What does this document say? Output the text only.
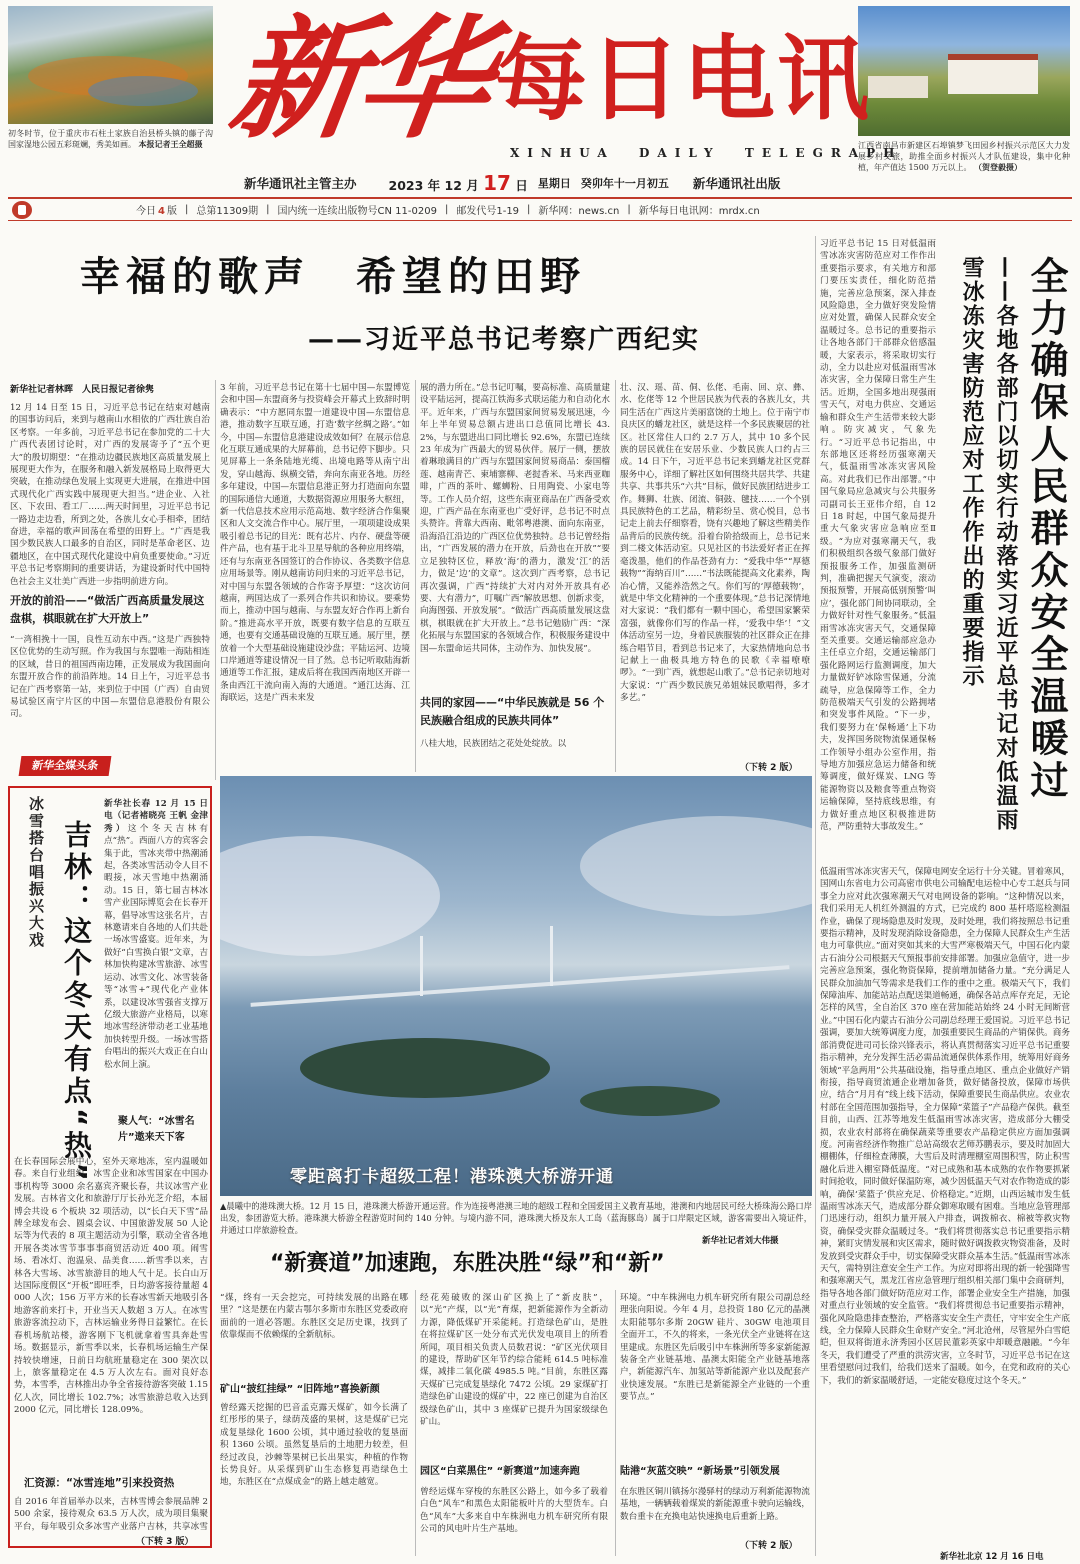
初冬时节，位于重庆市石柱土家族自治县桥头镇的藤子沟国家湿地公园五彩斑斓，秀美如画。 本报记者王全超摄	江西省南昌市新建区石埠镇梦飞田园乡村振兴示范区大力发展乡村文旅，助推全面乡村振兴人才队伍建设，集中化种植，年产值达 1500 万元以上。 （贺登毅摄）
新华 每日电讯
XINHUA  DAILY  TELEGRAPH
新华通讯社主管主办	2023 年 12 月 17 日 星期日 癸卯年十一月初五 新华通讯社出版
今日 4 版 | 总第11309期 | 国内统一连续出版物号CN 11-0209 | 邮发代号1-19 | 新华网：news.cn | 新华每日电讯网：mrdx.cn
幸福的歌声　希望的田野
——习近平总书记考察广西纪实
新华社记者林晖　人民日报记者徐隽
12 月 14 日至 15 日，习近平总书记在结束对越南的国事访问后，来到与越南山水相依的广西壮族自治区考察。一年多前，习近平总书记在参加党的二十大广西代表团讨论时，对广西的发展寄予了“五个更大”的殷切期望：“在推动边疆民族地区高质量发展上展现更大作为，在服务和融入新发展格局上取得更大突破，在推动绿色发展上实现更大进展，在推进中国式现代化广西实践中展现更大担当。”进企业、入社区、下农田、看工厂……两天时间里，习近平总书记一路边走边看，所到之处，各族儿女心手相牵，团结奋进，幸福的歌声回荡在希望的田野上。“广西是我国少数民族人口最多的自治区，同时是革命老区、边疆地区，在中国式现代化建设中肩负重要使命。”习近平总书记考察期间的重要讲话，为建设新时代中国特色社会主义壮美广西进一步指明前进方向。
开放的前沿——“做活广西高质量发展这盘棋，棋眼就在扩大开放上”
“一湾相挽十一国，良性互动东中西。”这是广西独特区位优势的生动写照。作为我国与东盟唯一海陆相连的区域，昔日的祖国西南边陲，正发展成为我国面向东盟开放合作的前沿阵地。14 日上午，习近平总书记在广西考察第一站，来到位于中国（广西）自由贸易试验区南宁片区的中国—东盟信息港股份有限公司。
新华全媒头条
3 年前，习近平总书记在第十七届中国—东盟博览会和中国—东盟商务与投资峰会开幕式上致辞时明确表示：“中方愿同东盟一道建设中国—东盟信息港，推动数字互联互通，打造‘数字丝绸之路’。”如今，中国—东盟信息港建设成效如何？在展示信息化互联互通成果的大屏幕前，总书记停下脚步。只见屏幕上一条条陆地光缆、出境电路等从南宁出发，穿山越海、纵横交错，奔向东南亚各地。历经多年建设，中国—东盟信息港正努力打造面向东盟的国际通信大通道，大数据资源应用服务大枢纽，新一代信息技术应用示范高地、数字经济合作集聚区和人文交流合作中心。展厅里，一项项建设成果吸引着总书记的目光：既有芯片、内存、硬盘等硬件产品，也有基于北斗卫星导航的各种应用终端，还有与东南亚各国签订的合作协议、各类数字信息应用场景等。刚从越南访问归来的习近平总书记，对中国与东盟各领域的合作寄予厚望：“这次访问越南，两国达成了一系列合作共识和协议。要乘势而上，推动中国与越南、与东盟友好合作再上新台阶。”推进高水平开放，既要有数字信息的互联互通，也要有交通基础设施的互联互通。展厅里，摆放着一个大型基础设施建设沙盘；平陆运河、边境口岸通道等建设情况一目了然。总书记听取陆海新通道等工作汇报，建成后将在我国西南地区开辟一条由西江干流向南入海的大通道。“通江达海、江海联运，这是广西未来发
展的潜力所在。”总书记叮嘱，要高标准、高质量建设平陆运河，提高江铁海多式联运能力和自动化水平。近年来，广西与东盟国家间贸易发展迅速，今年上半年贸易总额占进出口总值同比增长 43.2%，与东盟进出口同比增长 92.6%，东盟已连续 23 年成为广西最大的贸易伙伴。展厅一侧，摆放着琳琅满目的广西与东盟国家间贸易商品：泰国榴莲、越南青芒、柬埔寨柳、老挝香米、马来西亚咖啡，广西的茶叶、螺蛳粉、日用陶瓷、小家电等等。工作人员介绍，这些东南亚商品在广西备受欢迎，广西产品在东南亚也广受好评，总书记不时点头赞许。背靠大西南、毗邻粤港澳、面向东南亚，沿海沿江沿边的广西区位优势独特。总书记曾经指出，“广西发展的潜力在开放，后劲也在开放”“要立足独特区位，释放‘海’的潜力，激发‘江’的活力，做足‘边’的文章”。这次到广西考察，总书记再次强调，广西“持续扩大对内对外开放具有必要、大有潜力”，叮嘱广西“解放思想、创新求变，向海图强、开放发展”。“做活广西高质量发展这盘棋，棋眼就在扩大开放上。”总书记勉励广西：“深化拓展与东盟国家的各领域合作，积极服务建设中国—东盟命运共同体，主动作为、加快发展”。
共同的家园——“中华民族就是 56 个民族融合组成的民族共同体”
八桂大地，民族团结之花处处绽放。以
壮、汉、瑶、苗、侗、仫佬、毛南、回、京、彝、水、仡佬等 12 个世居民族为代表的各族儿女，共同生活在广西这片美丽富饶的土地上。位于南宁市良庆区的蟠龙社区，就是这样一个多民族聚居的社区。社区常住人口约 2.7 万人，其中 10 多个民族的居民就住在安居乐业、少数民族人口约占三成。14 日下午，习近平总书记来到蟠龙社区党群服务中心，详细了解社区如何围绕共居共学、共建共享、共事共乐“六共”目标，做好民族团结进步工作。舞狮、壮族、闭流、铜鼓、毽技……一个个别具民族特色的工艺品，精彩纷呈、赏心悦目，总书记走上前去仔细察看，饶有兴趣地了解这些精美作品背后的民族传统。沿着台阶拾级而上，总书记来到二楼文体活动室。只见社区的书法爱好者正在挥毫泼墨，他们的作品苍劲有力：“爱我中华”“厚德载物”“海纳百川”……“书法既能提高文化素养，陶冶心情，又能养浩然之气。你们写的‘厚德载物’，就是中华文化精神的一个重要体现。”总书记深情地对大家说：“我们都有一颗中国心，希望国家繁荣富强，就像你们写的作品一样，‘爱我中华’！”文体活动室另一边，身着民族服装的社区群众正在排练合唱节目，看到总书记来了，大家热情地向总书记献上一曲极具地方特色的民歌《幸福嘹嘹啰》。“一到广西，就想起山歌了。”总书记亲切地对大家说：“广西少数民族兄弟姐妹民歌唱得，多才多艺。”
（下转 2 版）
全力确保人民群众安全温暖过
——各地各部门以切实行动落实习近平总书记对低温雨雪冰冻灾害防范应对工作作出的重要指示
习近平总书记 15 日对低温雨雪冰冻灾害防范应对工作作出重要指示要求，有关地方和部门要压实责任，细化防范措施，完善应急预案，深入排查风险隐患，全力做好突发险情应对处置，确保人民群众安全温暖过冬。总书记的重要指示让各地各部门干部群众倍感温暖，大家表示，将采取切实行动，全力以赴应对低温雨雪冰冻灾害，全力保障日常生产生活。近期，全国多地出现强雨雪天气，对电力供应、交通运输和群众生产生活带来较大影响。防灾减灾，气象先行。“习近平总书记指出，中东部地区还将经历强寒潮天气，低温雨雪冰冻灾害风险高。对此我们已作出部署。”中国气象局应急减灾与公共服务司副司长王亚伟介绍，自 12 日 18 时起，中国气象局提升重大气象灾害应急响应至Ⅱ级。“为应对强寒潮天气，我们积极组织各级气象部门做好预报服务工作，加强监测研判，准确把握天气演变，滚动预报预警，开展高低别预警‘叫应’，强化部门间协同联动，全力做好针对性气象服务。”低温雨雪冰冻灾害天气，交通保障至关重要。交通运输部应急办主任卓立介绍，交通运输部门强化路网运行监测调度，加大力量做好铲冰除雪保通，分流疏导，应急保障等工作，全力防范极端天气引发的公路拥堵和突发事件风险。“下一步，我们要努力在‘保畅通’上下功夫，发挥国务院物流保通保畅工作领导小组办公室作用，指导地方加强应急运力储备和统筹调度，做好煤炭、LNG 等能源物资以及粮食等重点物资运输保障，坚持底线思维，有力做好重点地区积极推进防范，严防重特大事故发生。”
低温雨雪冰冻灾害天气，保障电网安全运行十分关键。冒着寒风，国网山东省电力公司高密市供电公司输配电运检中心专工赵兵与同事全力应对此次强寒潮天气对电网设备的影响。“这种情况以来，我们采用无人机红外测温的方式，已完成约 800 基杆塔巡检测温作业，确保了现场隐患及时发现，及时处理，我们将按照总书记重要指示精神，及时发现消除设备隐患，全力保障人民群众生产生活电力可靠供应。”面对突如其来的大雪严寒极端天气，中国石化内蒙古石油分公司根据天气预报事前安排部署。加强应急值守，进一步完善应急预案，强化物资保障，提前增加储备力量。“充分满足人民群众加油加气等需求是我们工作的重中之重。极端天气下，我们保障油库、加能站站点配送渠道畅通，确保各站点库存充足，无论怎样的风雪，全自治区 370 座在营加能站始终 24 小时无间断营业。”中国石化内蒙古石油分公司副总经理王爱国说。习近平总书记强调，要加大统筹调度力度，加强重要民生商品的产销保供。商务部消费促进司司长徐兴锋表示，将认真贯彻落实习近平总书记重要指示精神，充分发挥生活必需品流通保供体系作用，统筹用好商务领域“平急两用”公共基础设施，指导重点地区、重点企业做好产销衔接，指导商贸流通企业增加备货，做好储备投放，保障市场供应，结合“月月有”线上线下活动，保障重要民生商品供应。农业农村部在全国范围加强指导，全力保障“菜篮子”产品稳产保供。截至目前，山西、江苏等地发生低温雨雪冰冻灾害，造成部分大棚受损，农业农村部将在确保蔬菜等重要农产品稳定供应方面加强调度。河南省经济作物推广总站高级农艺师苏鹏表示，要及时加固大棚棚体，仔细检查薄膜，大雪后及时清理棚室周围积雪，防止积雪融化后进入棚室降低温度。“对已成熟和基本成熟的农作物要抓紧时间抢收，同时做好保温防寒，减少因低温天气对农作物造成的影响，确保‘菜篮子’供应充足、价格稳定。”近期，山西运城市发生低温雨雪冰冻天气，造成部分群众御寒取暖有困难。当地应急管理部门迅速行动，组织力量开展入户排查，调拨棉衣、棉被等救灾物资，确保受灾群众温暖过冬。“我们将贯彻落实总书记重要指示精神，紧盯灾情发展和灾区需求，随时做好调拨救灾物资准备，及时发放到受灾群众手中，切实保障受灾群众基本生活。”低温雨雪冰冻天气，需特别注意安全生产工作。为应对即将出现的新一轮强降雪和强寒潮天气，黑龙江省应急管理厅组织相关部门集中会商研判，指导各地各部门做好防范应对工作，部署企业安全生产措施，加强对重点行业领域的安全监管。“我们将贯彻总书记重要指示精神，强化风险隐患排查整治，严格落实安全生产责任，守牢安全生产底线，全力保障人民群众生命财产安全。”河北沧州，尽管屋外白雪皑皑，但双将街道永济秀园小区居民董彩英家中却暖意融融。“今年冬天，我们遭受了严重的洪涝灾害，立冬时节，习近平总书记在这里看望慰问过我们，给我们送来了温暖。如今，在党和政府的关心下，我们的新家温暖舒适，一定能安稳度过这个冬天。”
新华社北京 12 月 16 日电
冰雪搭台唱振兴大戏 吉林：这个冬天有点“热”
新华社长春 12 月 15 日电（记者褚晓亮 王帆 金津秀）这个冬天吉林有点“热”。西面八方的宾客会集于此，雪冰夹带中热潮涌起，各类冰雪活动令人目不暇接，冰天雪地中热潮涌动。15 日，第七届吉林冰雪产业国际博览会在长春开幕，倡导冰雪这张名片，吉林邀请来自各地的人们共赴一场冰雪盛宴。近年来，为做好“白雪换白银”文章，吉林加快构建冰雪旅游、冰雪运动、冰雪文化、冰雪装备等“冰雪+”现代化产业体系，以建设冰雪强省支撑万亿级大旅游产业格局，以寒地冰雪经济带动老工业基地加快转型升级。一场冰雪搭台唱出的振兴大戏正在白山松水间上演。
聚人气：“冰雪名片”遨来天下客
在长春国际会展中心，室外天寒地冻，室内温暖如春。来自行业组织、冰雪企业和冰雪国家在中国办事机构等 3000 余名嘉宾齐聚长春，共议冰雪产业发展。吉林省文化和旅游厅厅长孙光芝介绍，本届博会共设 6 个板块 32 项活动，以“长白天下雪”品牌全球发布会、圆桌会议、中国旅游发展 50 人论坛等为代表的 8 项主题活动为引擎，联动全省各地开展各类冰雪节事事事商贸活动近 400 项。闹雪场、看冰灯、泡温泉、品美食……新雪季以来，吉林各大雪场、冰雪旅游目的地人气十足。长白山万达国际度假区“开板”即旺季，日均游客接待量超 4000 人次；156 万平方米的长春冰雪新天地吸引各地游客前来打卡，开业当天人数超 3 万人。在冰雪旅游客流拉动下，吉林运输业务得日益繁忙。在长春机场航站楼，游客刚下飞机就拿着雪具奔赴雪场。数据显示，新雪季以来，长春机场运输生产保持较快增速，日前日均航班量稳定在 300 架次以上，旅客量稳定在 4.5 万人次左右。面对良好态势，本雪季，吉林推出办争全省接待游客突破 1.15 亿人次，同比增长 102.7%；冰雪旅游总收入达到 2000 亿元，同比增长 128.09%。
汇资源：“冰雪连地”引来投资热
自 2016 年首届举办以来，吉林雪博会参展品牌 2500 余家，接待观众 63.5 万人次，成为项目集聚平台，每年吸引众多冰雪产业落户吉林，共享冰雪
（下转 3 版）
零距离打卡超级工程！港珠澳大桥游开通
▲晨曦中的港珠澳大桥。12 月 15 日，港珠澳大桥游开通运营。作为连接粤港澳三地的超级工程和全国爱国主义教育基地，港澳和内地居民可经大桥珠海公路口岸出发，参团游览大桥。港珠澳大桥游全程游览时间约 140 分钟。与境内游不同，港珠澳大桥及东人工岛（蓝海豚岛）属于口岸限定区域，游客需要出入境证件，并通过口岸旅游检查。
新华社记者刘大伟摄
“新赛道”加速跑，东胜决胜“绿”和“新”
“煤，终有一天会挖完，可持续发展的出路在哪里？”这是摆在内蒙古鄂尔多斯市东胜区党委政府面前的一道必答题。东胜区交足历史课，找到了依靠煤而不依赖煤的全新航标。
矿山“披红挂绿” “旧阵地”喜换新颜
曾经露天挖掘的巴音孟克露天煤矿，如今长满了红彤彤的果子，绿荫茂盛的果树，这是煤矿已完成复垦绿化 1600 公顷，其中通过验收的复垦面积 1360 公顷。虽然复垦后的土地肥力较差，但经过改良，沙棘等果树已长出果实，种植的作物长势良好。从采煤到矿山生态修复再造绿色土地，东胜区在“点煤成金”的路上越走越宽。
经花苑破败的深山矿区换上了“新皮肤”，以“光”产煤，以“光”育煤，把新能源作为全新动力源，降低煤矿开采能耗。打造绿色矿山，是胜在将拉煤矿区一处分布式光伏发电项目上的所看所闻，项目相关负责人员数君说：“矿区光伏项目的建设，帮助矿区年节约综合能耗 614.5 吨标准煤，减排二氧化碳 4985.5 吨。”目前，东胜区露天煤矿已完成复垦绿化 7472 公顷。29 家煤矿打造绿色矿山建设的煤矿中，22 座已创建为自治区级绿色矿山，其中 3 座煤矿已提升为国家级绿色矿山。
园区“白菜黑住” “新赛道”加速奔跑
曾经运煤车穿梭的东胜区公路上，如今多了载着白色“风车”和黑色太阳能板叶片的大型货车。白色“风车”大多来自中车株洲电力机车研究所有限公司的风电叶片生产基地。
环境。“中车株洲电力机车研究所有限公司副总经理张向阳说。今年 4 月，总投资 180 亿元的晶澳太阳能鄂尔多斯 20GW 硅片、30GW 电池项目全面开工，不久的将来，一条光伏全产业链将在这里建成。东胜区先后吸引中车株洲所等多家新能源装备全产业链基地、晶澳太阳能全产业链基地落户，新能源汽车、加氢站等新能源产业以及配套产业快速发展。“东胜已是新能源全产业链的一个重要节点。”
陆港“灰蓝交映” “新场景”引领发展
在东胜区铜川镇扬尔漫驿村的绿动万利新能源物流基地，一辆辆载着煤炭的新能源重卡驶向运输线，数台重卡在充换电站快速换电后重新上路。
（下转 2 版）
